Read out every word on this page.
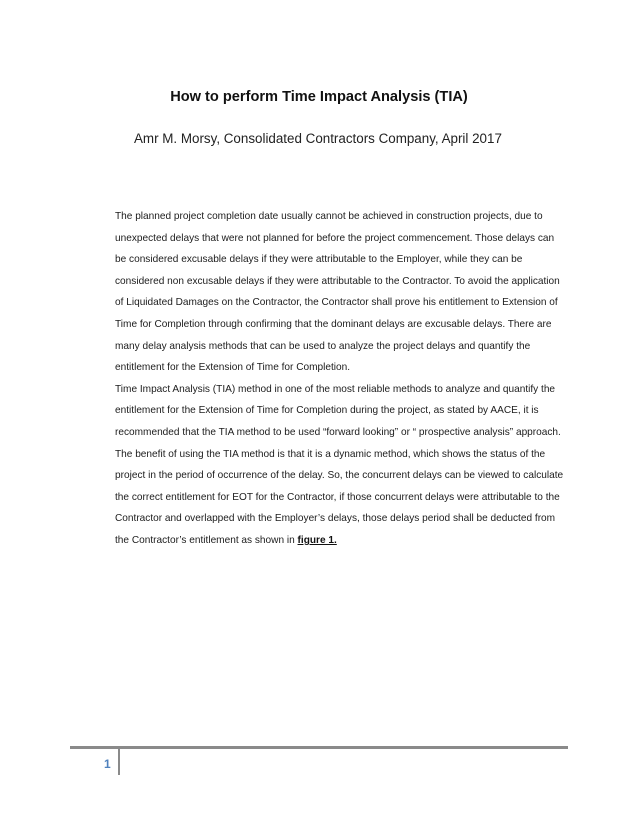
How to perform Time Impact Analysis (TIA)

Amr M. Morsy, Consolidated Contractors Company, April 2017

The planned project completion date usually cannot be achieved in construction projects, due to unexpected delays that were not planned for before the project commencement. Those delays can be considered excusable delays if they were attributable to the Employer, while they can be considered non excusable delays if they were attributable to the Contractor. To avoid the application of Liquidated Damages on the Contractor, the Contractor shall prove his entitlement to Extension of Time for Completion through confirming that the dominant delays are excusable delays. There are many delay analysis methods that can be used to analyze the project delays and quantify the entitlement for the Extension of Time for Completion.

Time Impact Analysis (TIA) method in one of the most reliable methods to analyze and quantify the entitlement for the Extension of Time for Completion during the project, as stated by AACE, it is recommended that the TIA method to be used “forward looking” or “ prospective analysis” approach.

The benefit of using the TIA method is that it is a dynamic method, which shows the status of the project in the period of occurrence of the delay. So, the concurrent delays can be viewed to calculate the correct entitlement for EOT for the Contractor, if those concurrent delays were attributable to the Contractor and overlapped with the Employer’s delays, those delays period shall be deducted from the Contractor’s entitlement as shown in figure 1.

1
